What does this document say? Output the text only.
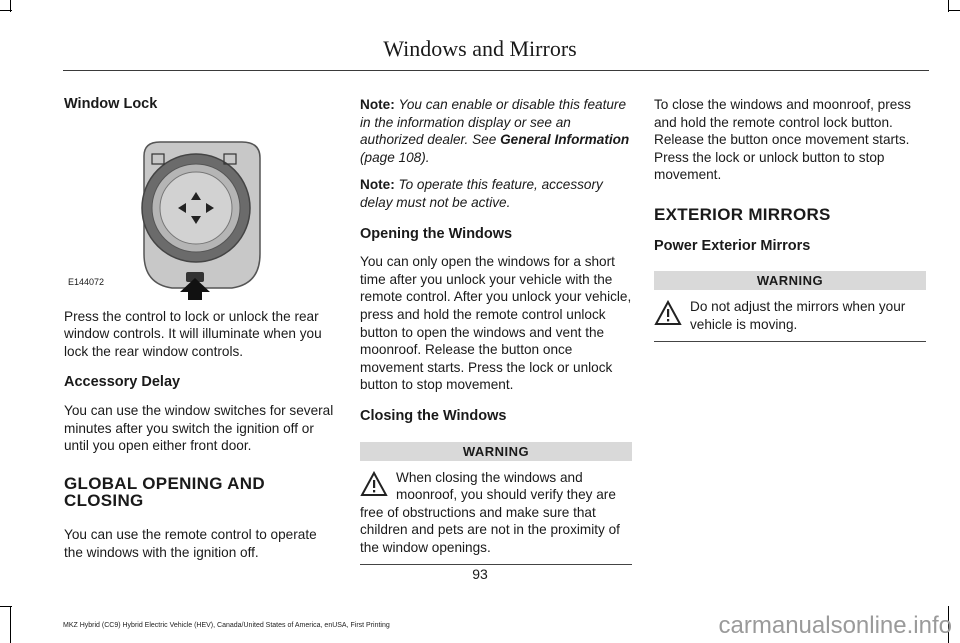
Windows and Mirrors
Window Lock
E144072

Press the control to lock or unlock the rear window controls. It will illuminate when you lock the rear window controls.

Accessory Delay

You can use the window switches for several minutes after you switch the ignition off or until you open either front door.

GLOBAL OPENING AND CLOSING

You can use the remote control to operate the windows with the ignition off.

Note: You can enable or disable this feature in the information display or see an authorized dealer. See General Information (page 108).

Note: To operate this feature, accessory delay must not be active.

Opening the Windows

You can only open the windows for a short time after you unlock your vehicle with the remote control. After you unlock your vehicle, press and hold the remote control unlock button to open the windows and vent the moonroof. Release the button once movement starts. Press the lock or unlock button to stop movement.

Closing the Windows
WARNING

When closing the windows and moonroof, you should verify they are free of obstructions and make sure that children and pets are not in the proximity of the window openings.

To close the windows and moonroof, press and hold the remote control lock button. Release the button once movement starts. Press the lock or unlock button to stop movement.

EXTERIOR MIRRORS
Power Exterior Mirrors
WARNING

Do not adjust the mirrors when your vehicle is moving.

93
MKZ Hybrid (CC9) Hybrid Electric Vehicle (HEV), Canada/United States of America, enUSA, First Printing	carmanualsonline.info
